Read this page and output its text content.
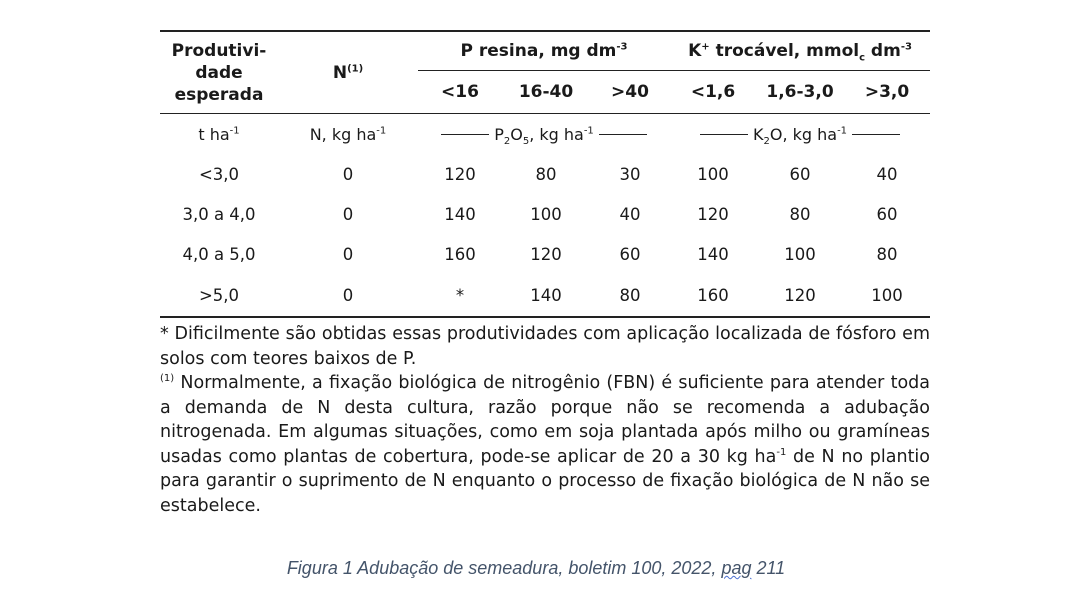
Produtivi-
dade
esperada	$N^{(1)}$	P resina, mg $dm^{-3}$			K+ trocável, mmol$_c$ $dm^{-3}$
		<16	16-40	>40	<1,6	1,6-3,0	>3,0
t $ha^{-1}$	N, kg $ha^{-1}$	$P_2O_5$, kg $ha^{-1}$			$K_2O$, kg $ha^{-1}$

<3,0	0	120	80	30	100	60	40
3,0 a 4,0	0	140	100	40	120	80	60
4,0 a 5,0	0	160	120	60	140	100	80
>5,0	0	*	140	80	160	120	100

* Dificilmente são obtidas essas produtividades com aplicação localizada de fósforo em solos com teores baixos de P.

$^{(1)}$ Normalmente, a fixação biológica de nitrogênio (FBN) é suficiente para atender toda a demanda de N desta cultura, razão porque não se recomenda a adubação nitrogenada. Em algumas situações, como em soja plantada após milho ou gramíneas usadas como plantas de cobertura, pode-se aplicar de 20 a 30 kg $ha^{-1}$ de N no plantio para garantir o suprimento de N enquanto o processo de fixação biológica de N não se estabelece.

Figura 1 Adubação de semeadura, boletim 100, 2022, pag 211
